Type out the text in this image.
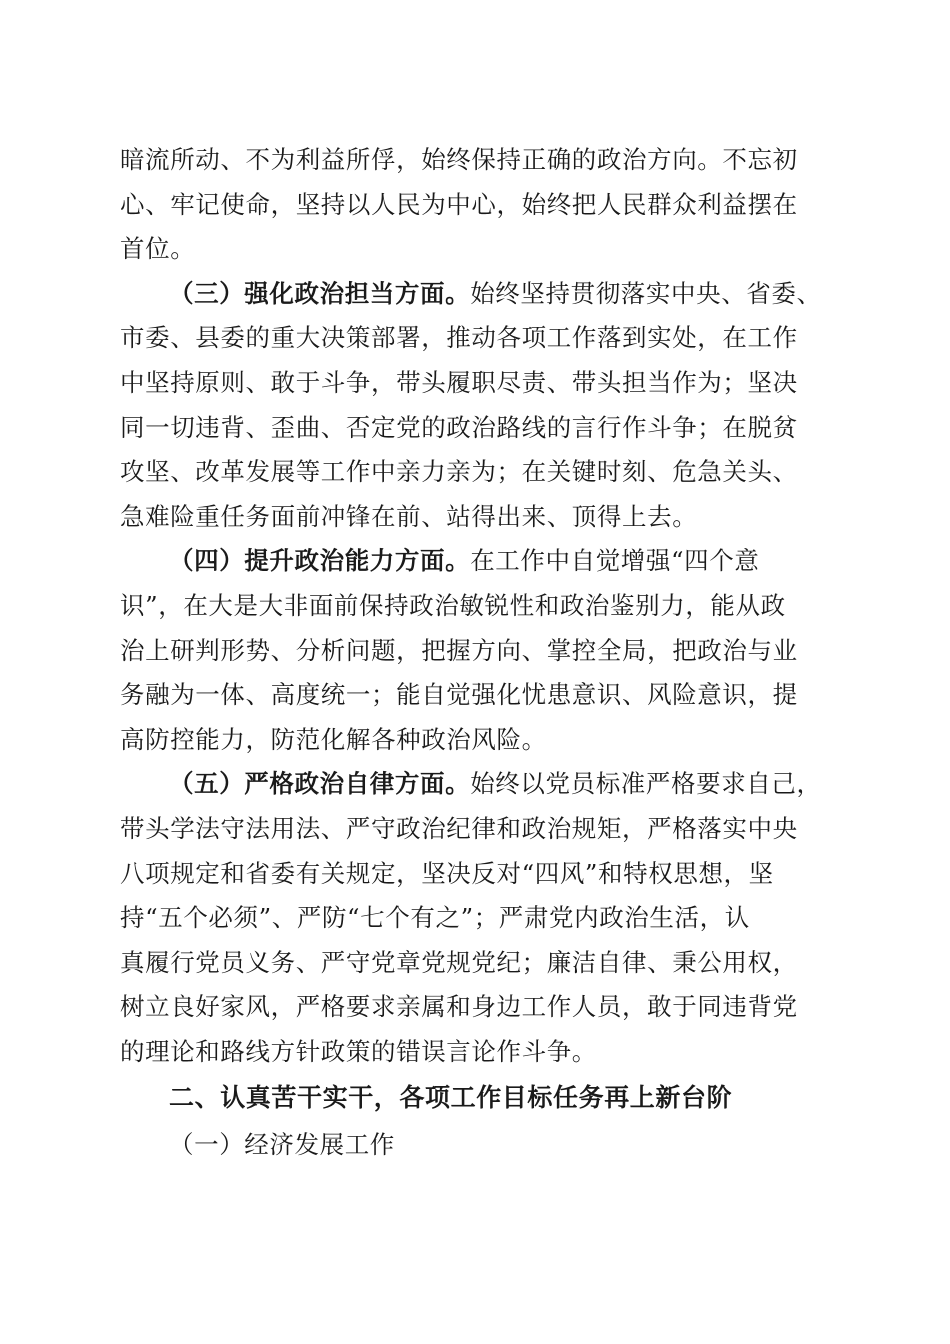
暗流所动、不为利益所俘，始终保持正确的政治方向。不忘初
心、牢记使命，坚持以人民为中心，始终把人民群众利益摆在
首位。
（三）强化政治担当方面。始终坚持贯彻落实中央、省委、
市委、县委的重大决策部署，推动各项工作落到实处，在工作
中坚持原则、敢于斗争，带头履职尽责、带头担当作为；坚决
同一切违背、歪曲、否定党的政治路线的言行作斗争；在脱贫
攻坚、改革发展等工作中亲力亲为；在关键时刻、危急关头、
急难险重任务面前冲锋在前、站得出来、顶得上去。
（四）提升政治能力方面。在工作中自觉增强“四个意
识”，在大是大非面前保持政治敏锐性和政治鉴别力，能从政
治上研判形势、分析问题，把握方向、掌控全局，把政治与业
务融为一体、高度统一；能自觉强化忧患意识、风险意识，提
高防控能力，防范化解各种政治风险。
（五）严格政治自律方面。始终以党员标准严格要求自己，
带头学法守法用法、严守政治纪律和政治规矩，严格落实中央
八项规定和省委有关规定，坚决反对“四风”和特权思想，坚
持“五个必须”、严防“七个有之”；严肃党内政治生活，认
真履行党员义务、严守党章党规党纪；廉洁自律、秉公用权，
树立良好家风，严格要求亲属和身边工作人员，敢于同违背党
的理论和路线方针政策的错误言论作斗争。
二、认真苦干实干，各项工作目标任务再上新台阶
（一）经济发展工作
